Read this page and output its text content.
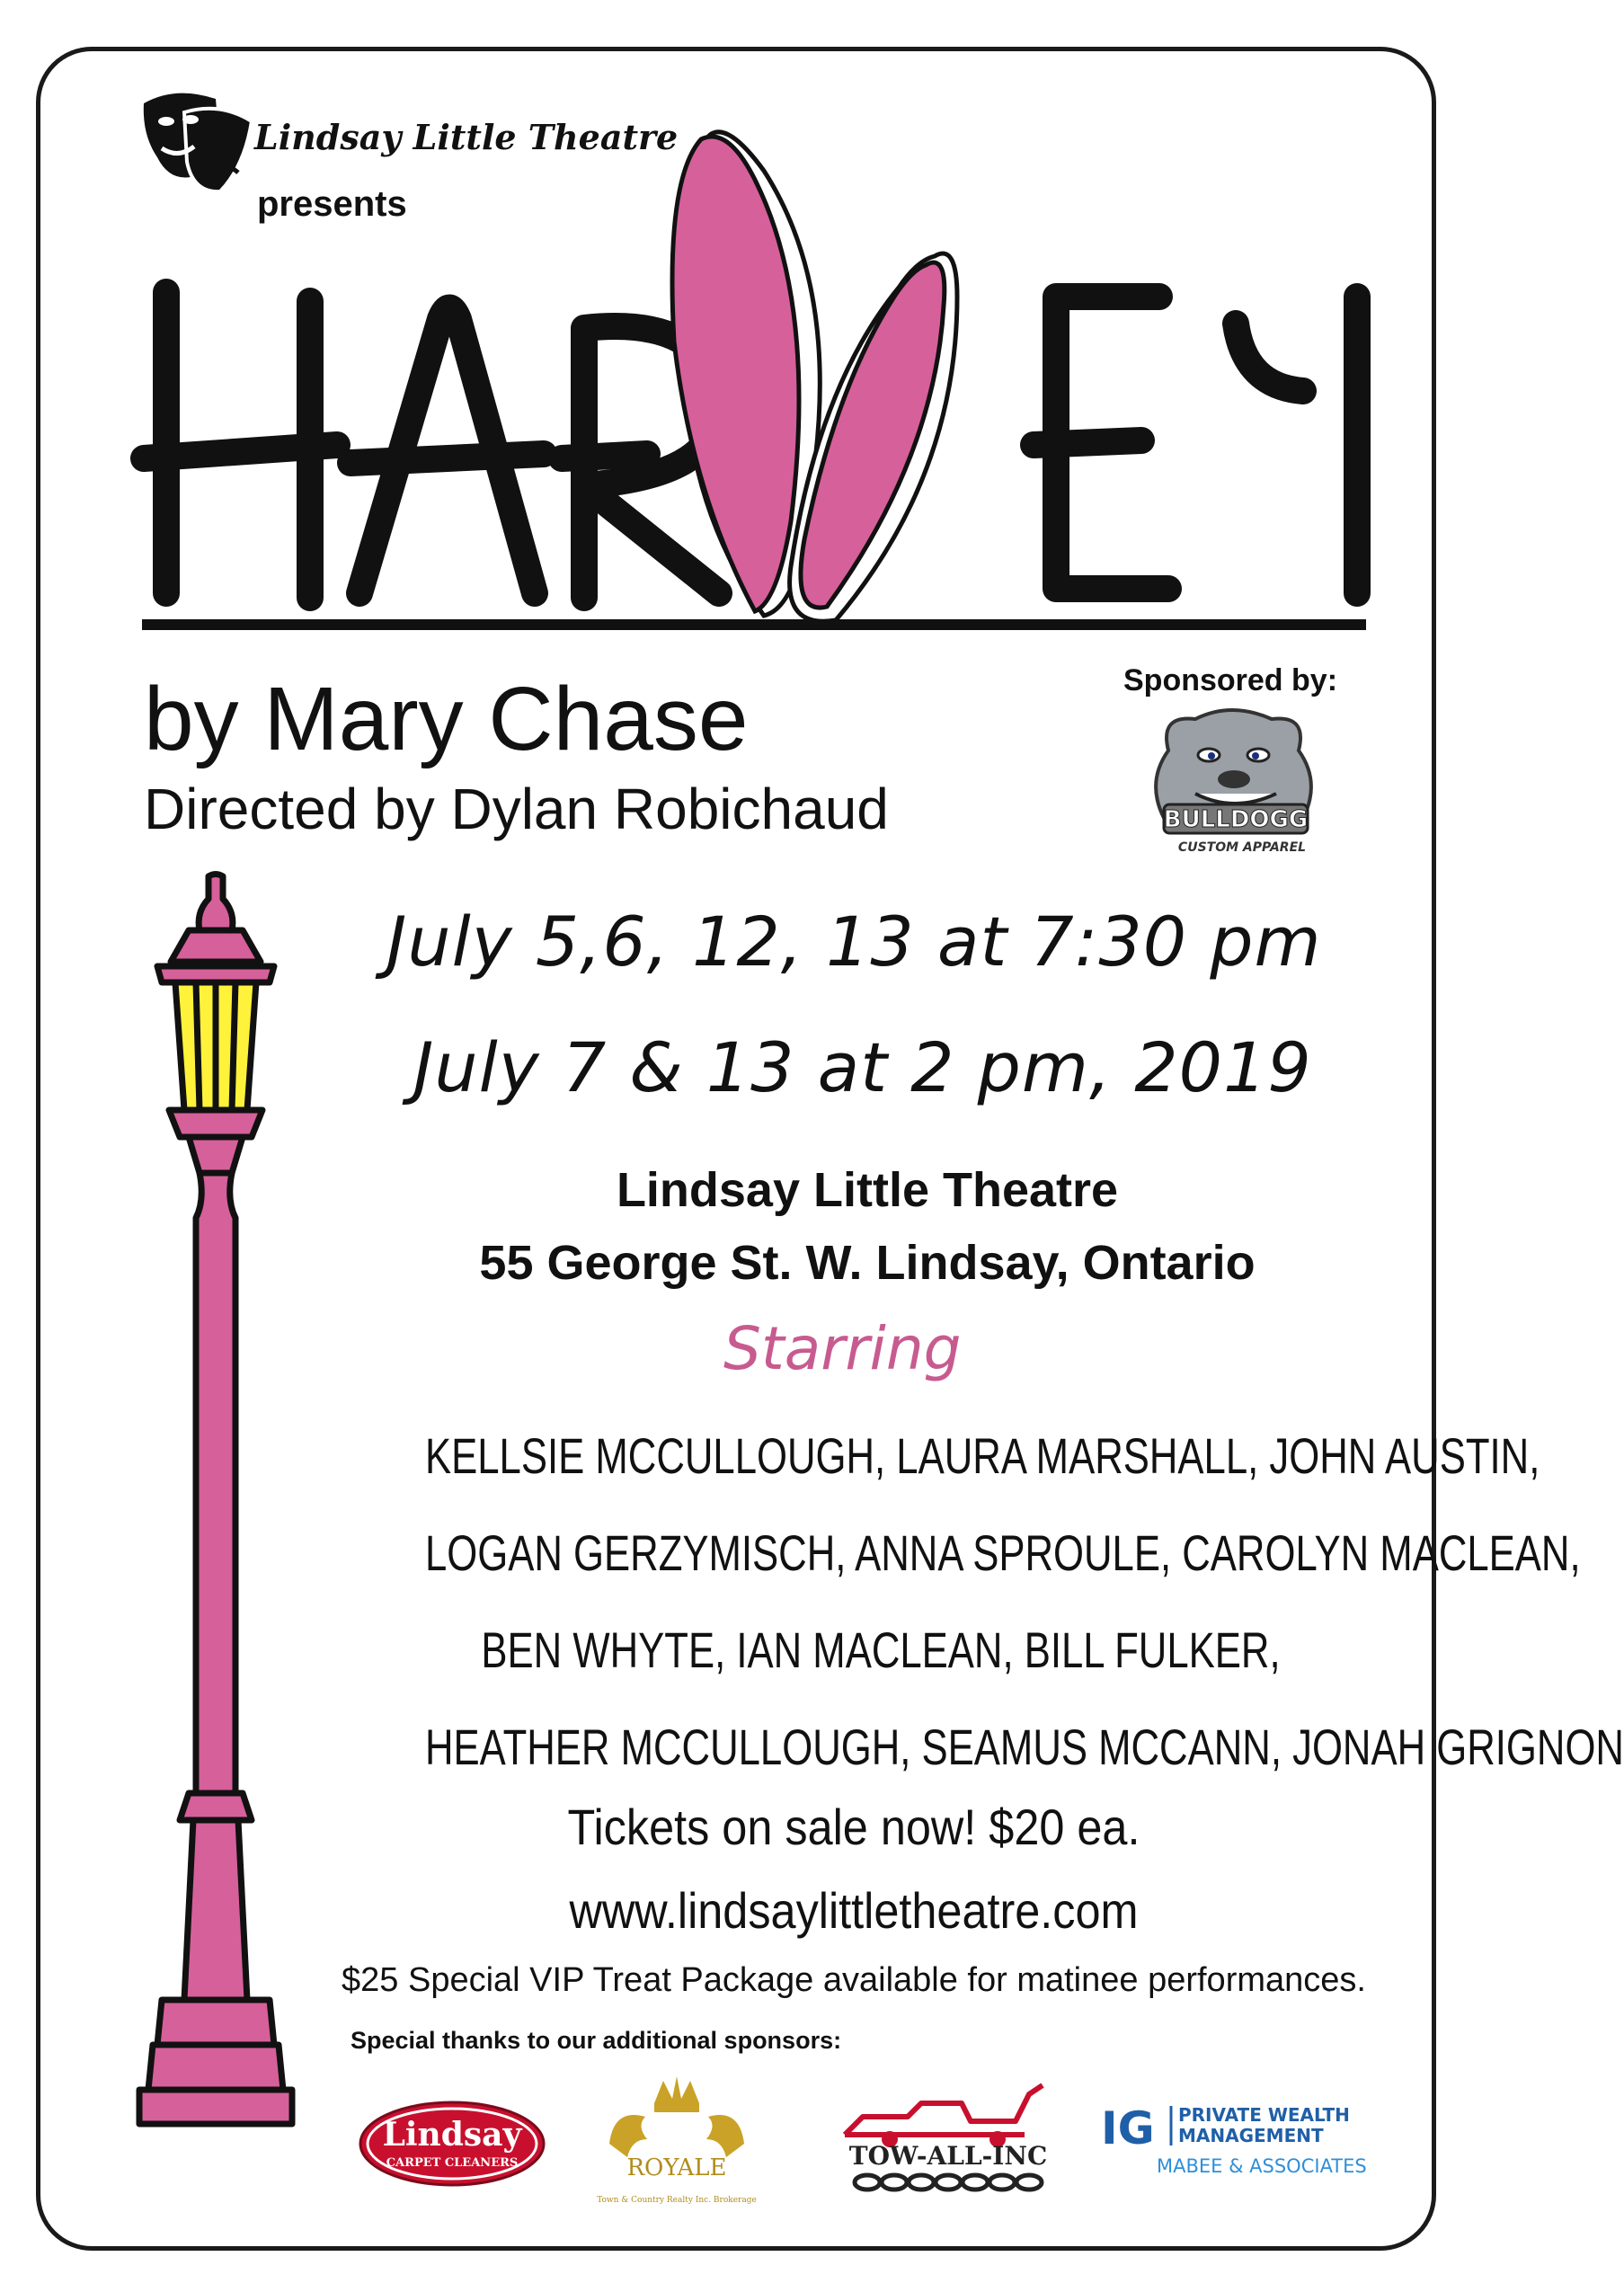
Lindsay Little Theatre
presents
by Mary Chase
Directed by Dylan Robichaud
Sponsored by:
BULLDOGG
CUSTOM APPAREL
July 5,6, 12, 13 at 7:30 pm
July 7 & 13 at 2 pm, 2019
Lindsay Little Theatre
55 George St. W. Lindsay, Ontario
Starring
KELLSIE MCCULLOUGH, LAURA MARSHALL, JOHN AUSTIN,
LOGAN GERZYMISCH, ANNA SPROULE, CAROLYN MACLEAN,
BEN WHYTE, IAN MACLEAN, BILL FULKER,
HEATHER MCCULLOUGH, SEAMUS MCCANN, JONAH GRIGNON
Tickets on sale now! $20 ea.
www.lindsaylittletheatre.com
$25 Special VIP Treat Package available for matinee performances.
Special thanks to our additional sponsors:
Lindsay
CARPET CLEANERS	ROYALE
Town & Country Realty Inc. Brokerage
TOW-ALL-INC
IG PRIVATE WEALTH
MANAGEMENT
MABEE & ASSOCIATES
